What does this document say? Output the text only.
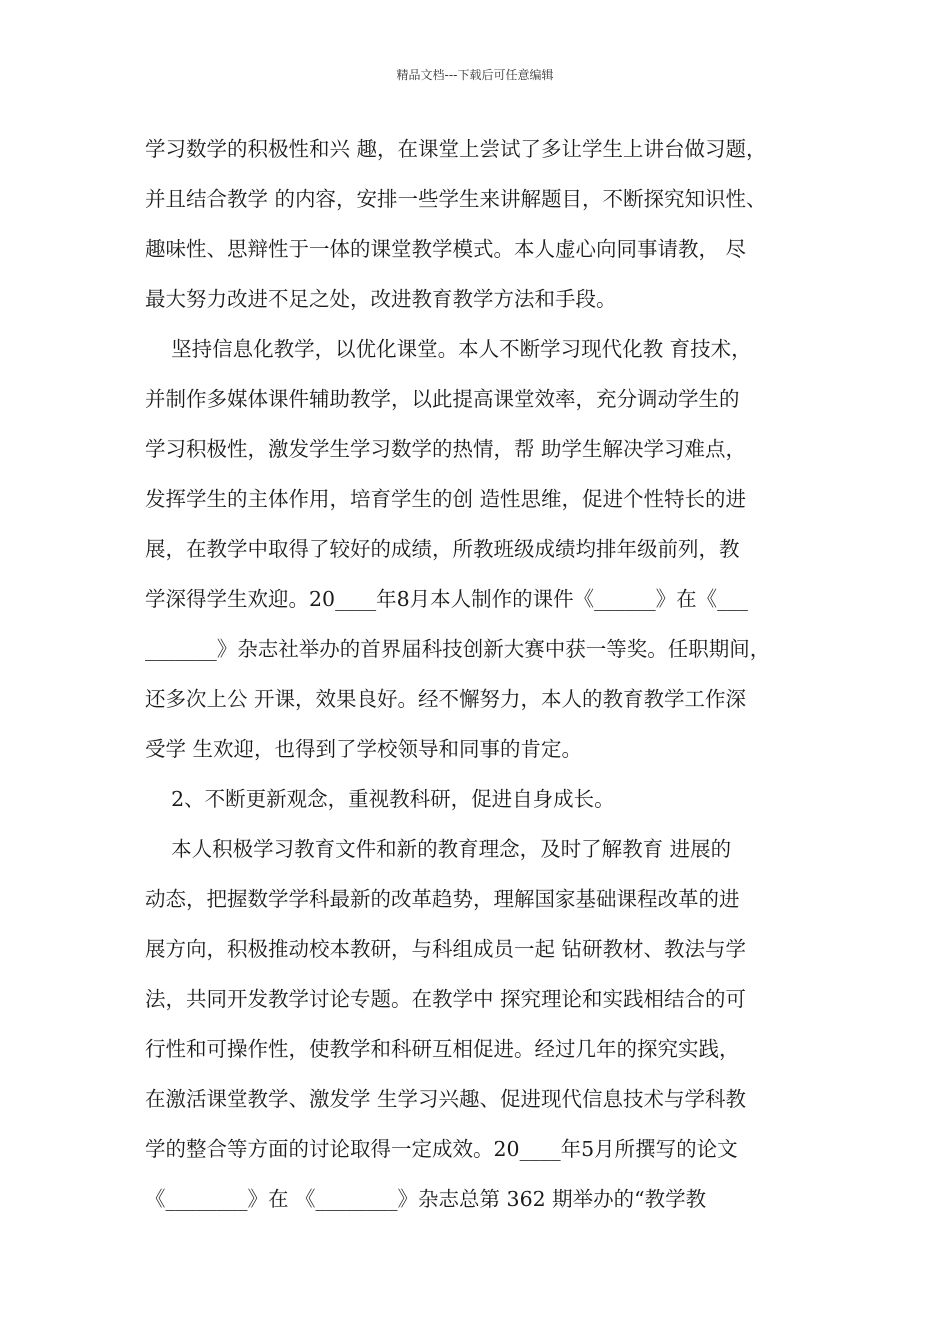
精品文档---下载后可任意编辑
学习数学的积极性和兴 趣，在课堂上尝试了多让学生上讲台做习题，
并且结合教学 的内容，安排一些学生来讲解题目，不断探究知识性、
趣味性、思辩性于一体的课堂教学模式。本人虚心向同事请教， 尽
最大努力改进不足之处，改进教育教学方法和手段。
坚持信息化教学，以优化课堂。本人不断学习现代化教 育技术，
并制作多媒体课件辅助教学，以此提高课堂效率，充分调动学生的
学习积极性，激发学生学习数学的热情，帮 助学生解决学习难点，
发挥学生的主体作用，培育学生的创 造性思维，促进个性特长的进
展，在教学中取得了较好的成绩，所教班级成绩均排年级前列，教
学深得学生欢迎。20____年8月本人制作的课件《______》在《___
_______》杂志社举办的首界届科技创新大赛中获一等奖。任职期间，
还多次上公 开课，效果良好。经不懈努力，本人的教育教学工作深
受学 生欢迎，也得到了学校领导和同事的肯定。
2、不断更新观念，重视教科研，促进自身成长。
本人积极学习教育文件和新的教育理念，及时了解教育 进展的
动态，把握数学学科最新的改革趋势，理解国家基础课程改革的进
展方向，积极推动校本教研，与科组成员一起 钻研教材、教法与学
法，共同开发教学讨论专题。在教学中 探究理论和实践相结合的可
行性和可操作性，使教学和科研互相促进。经过几年的探究实践，
在激活课堂教学、激发学 生学习兴趣、促进现代信息技术与学科教
学的整合等方面的讨论取得一定成效。20____年5月所撰写的论文
《________》在 《________》杂志总第 362 期举办的“教学教
